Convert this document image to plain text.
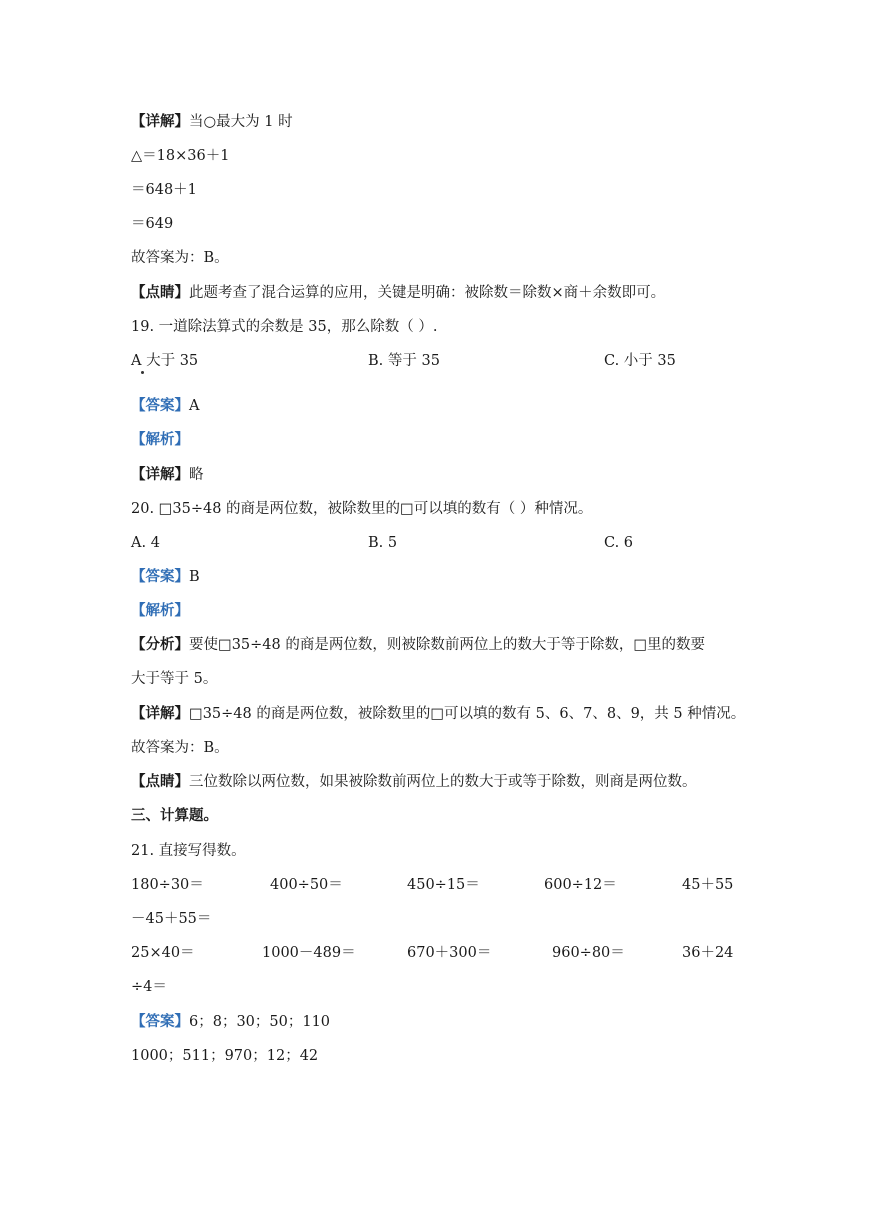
【详解】当○最大为 1 时
△＝18×36＋1
＝648＋1
＝649
故答案为：B。
【点睛】此题考查了混合运算的应用，关键是明确：被除数＝除数×商＋余数即可。
19. 一道除法算式的余数是 35，那么除数（ ）.
A 大于 35	B. 等于 35	C. 小于 35
【答案】A
【解析】
【详解】略
20. □35÷48 的商是两位数，被除数里的□可以填的数有（ ）种情况。
A. 4	B. 5	C. 6
【答案】B
【解析】
【分析】要使□35÷48 的商是两位数，则被除数前两位上的数大于等于除数，□里的数要
大于等于 5。
【详解】□35÷48 的商是两位数，被除数里的□可以填的数有 5、6、7、8、9，共 5 种情况。
故答案为：B。
【点睛】三位数除以两位数，如果被除数前两位上的数大于或等于除数，则商是两位数。
三、计算题。
21. 直接写得数。
180÷30＝	400÷50＝	450÷15＝	600÷12＝	45＋55
－45＋55＝
25×40＝	1000－489＝	670＋300＝	960÷80＝	36＋24
÷4＝
【答案】6；8；30；50；110
1000；511；970；12；42
